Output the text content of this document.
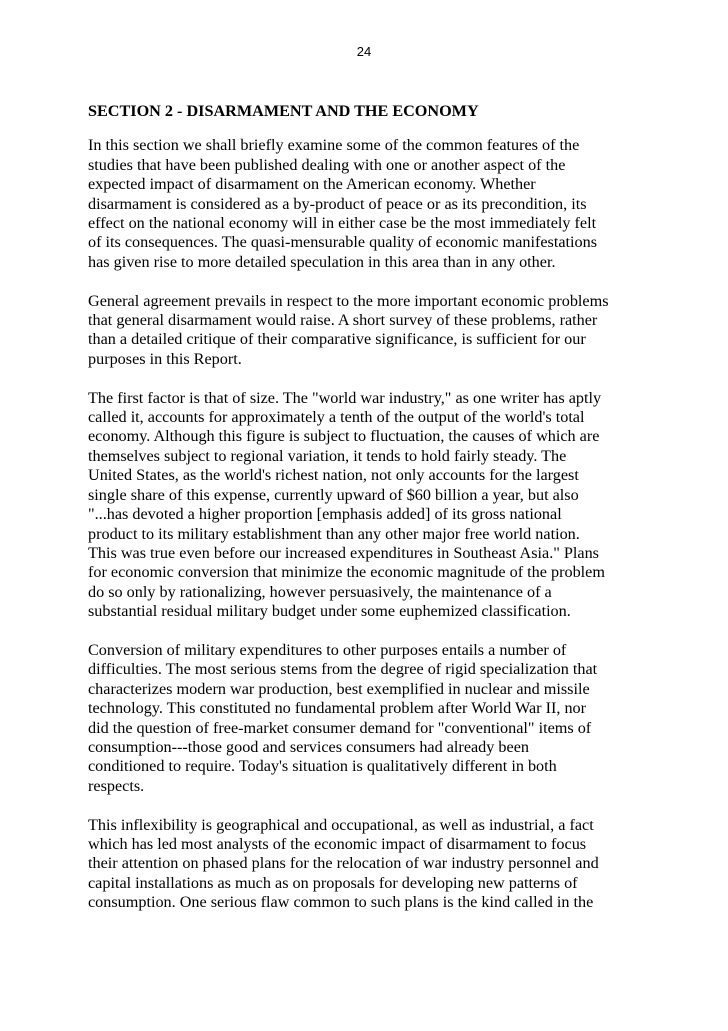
24
SECTION 2 - DISARMAMENT AND THE ECONOMY
In this section we shall briefly examine some of the common features of the
studies that have been published dealing with one or another aspect of the
expected impact of disarmament on the American economy. Whether
disarmament is considered as a by-product of peace or as its precondition, its
effect on the national economy will in either case be the most immediately felt
of its consequences. The quasi-mensurable quality of economic manifestations
has given rise to more detailed speculation in this area than in any other.
General agreement prevails in respect to the more important economic problems
that general disarmament would raise. A short survey of these problems, rather
than a detailed critique of their comparative significance, is sufficient for our
purposes in this Report.
The first factor is that of size. The "world war industry," as one writer has aptly
called it, accounts for approximately a tenth of the output of the world's total
economy. Although this figure is subject to fluctuation, the causes of which are
themselves subject to regional variation, it tends to hold fairly steady. The
United States, as the world's richest nation, not only accounts for the largest
single share of this expense, currently upward of $60 billion a year, but also
"...has devoted a higher proportion [emphasis added] of its gross national
product to its military establishment than any other major free world nation.
This was true even before our increased expenditures in Southeast Asia." Plans
for economic conversion that minimize the economic magnitude of the problem
do so only by rationalizing, however persuasively, the maintenance of a
substantial residual military budget under some euphemized classification.
Conversion of military expenditures to other purposes entails a number of
difficulties. The most serious stems from the degree of rigid specialization that
characterizes modern war production, best exemplified in nuclear and missile
technology. This constituted no fundamental problem after World War II, nor
did the question of free-market consumer demand for "conventional" items of
consumption---those good and services consumers had already been
conditioned to require. Today's situation is qualitatively different in both
respects.
This inflexibility is geographical and occupational, as well as industrial, a fact
which has led most analysts of the economic impact of disarmament to focus
their attention on phased plans for the relocation of war industry personnel and
capital installations as much as on proposals for developing new patterns of
consumption. One serious flaw common to such plans is the kind called in the
